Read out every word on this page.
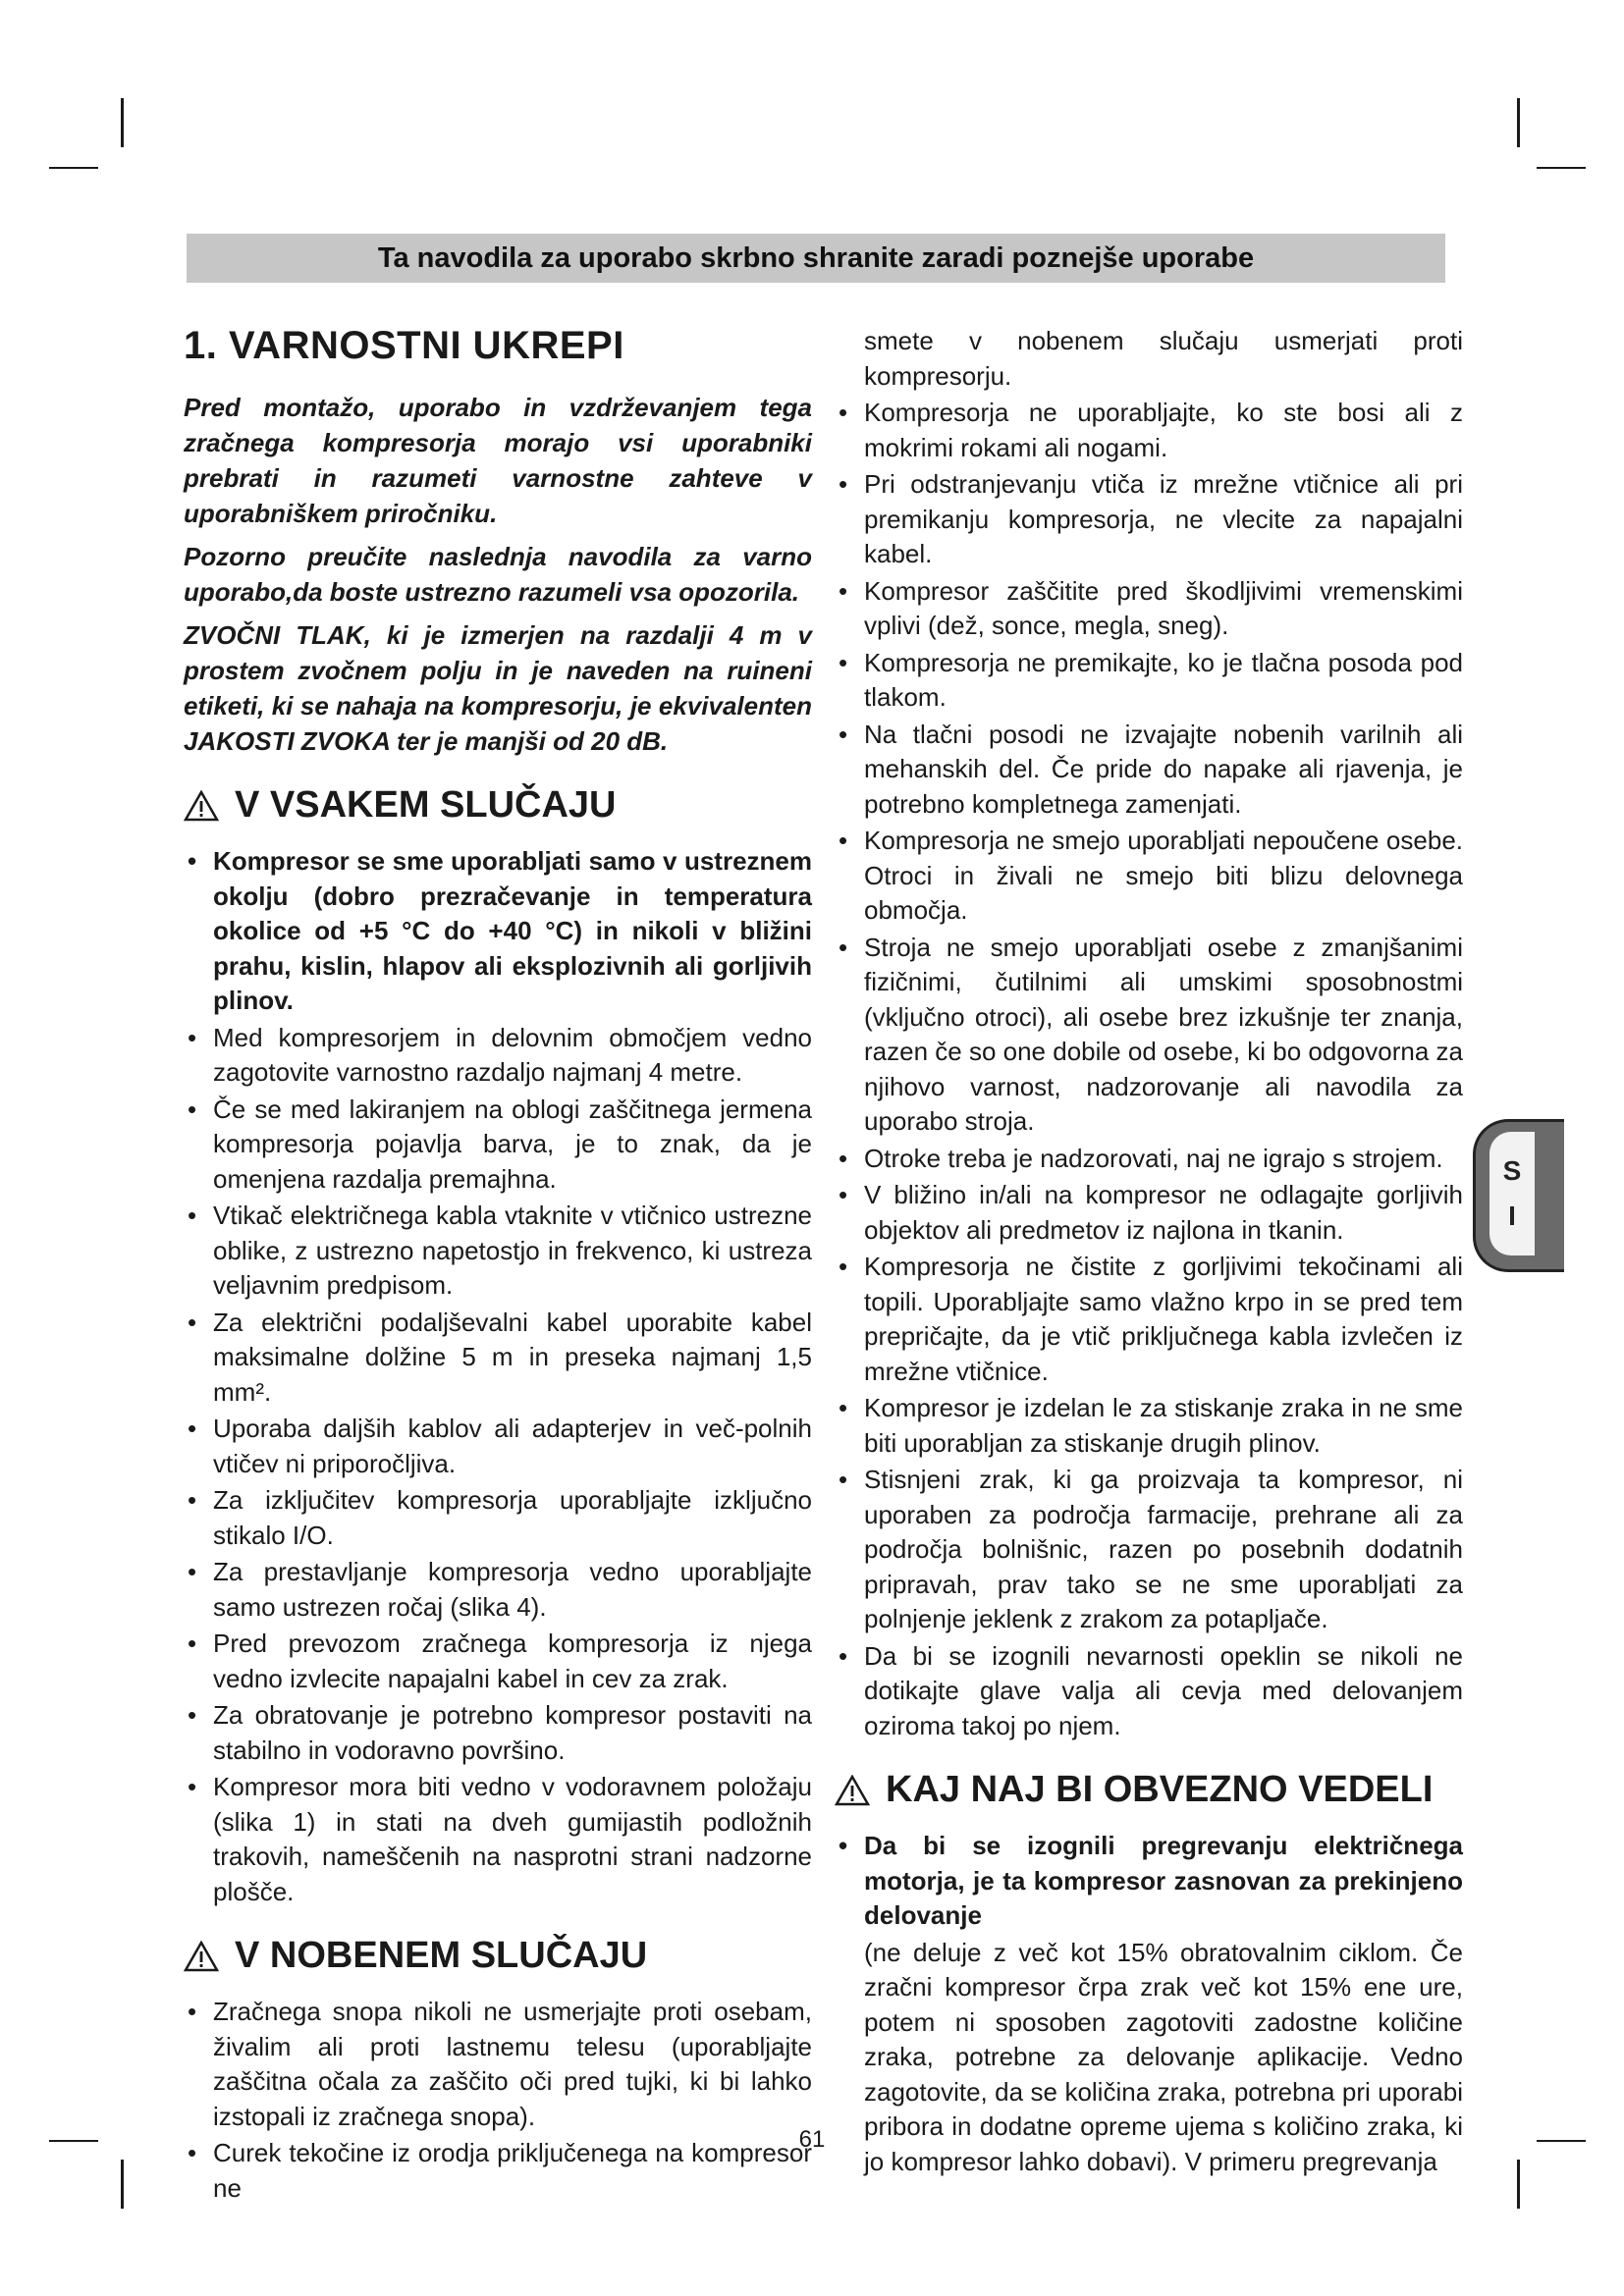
Ta navodila za uporabo skrbno shranite zaradi poznejše uporabe
1. VARNOSTNI UKREPI

Pred montažo, uporabo in vzdrževanjem tega zračnega kompresorja morajo vsi uporabniki prebrati in razumeti varnostne zahteve v uporabniškem priročniku.

Pozorno preučite naslednja navodila za varno uporabo,da boste ustrezno razumeli vsa opozorila.

ZVOČNI TLAK, ki je izmerjen na razdalji 4 m v prostem zvočnem polju in je naveden na ruineni etiketi, ki se nahaja na kompresorju, je ekvivalenten JAKOSTI ZVOKA ter je manjši od 20 dB.

V VSAKEM SLUČAJU
• Kompresor se sme uporabljati samo v ustreznem okolju (dobro prezračevanje in temperatura okolice od +5 °C do +40 °C) in nikoli v bližini prahu, kislin, hlapov ali eksplozivnih ali gorljivih plinov.
• Med kompresorjem in delovnim območjem vedno zagotovite varnostno razdaljo najmanj 4 metre.
• Če se med lakiranjem na oblogi zaščitnega jermena kompresorja pojavlja barva, je to znak, da je omenjena razdalja premajhna.
• Vtikač električnega kabla vtaknite v vtičnico ustrezne oblike, z ustrezno napetostjo in frekvenco, ki ustreza veljavnim predpisom.
• Za električni podaljševalni kabel uporabite kabel maksimalne dolžine 5 m in preseka najmanj 1,5 mm².
• Uporaba daljših kablov ali adapterjev in več-polnih vtičev ni priporočljiva.
• Za izključitev kompresorja uporabljajte izključno stikalo I/O.
• Za prestavljanje kompresorja vedno uporabljajte samo ustrezen ročaj (slika 4).
• Pred prevozom zračnega kompresorja iz njega vedno izvlecite napajalni kabel in cev za zrak.
• Za obratovanje je potrebno kompresor postaviti na stabilno in vodoravno površino.
• Kompresor mora biti vedno v vodoravnem položaju (slika 1) in stati na dveh gumijastih podložnih trakovih, nameščenih na nasprotni strani nadzorne plošče.
V NOBENEM SLUČAJU
• Zračnega snopa nikoli ne usmerjajte proti osebam, živalim ali proti lastnemu telesu (uporabljajte zaščitna očala za zaščito oči pred tujki, ki bi lahko izstopali iz zračnega snopa).
• Curek tekočine iz orodja priključenega na kompresor ne
smete v nobenem slučaju usmerjati proti kompresorju.
• Kompresorja ne uporabljajte, ko ste bosi ali z mokrimi rokami ali nogami.
• Pri odstranjevanju vtiča iz mrežne vtičnice ali pri premikanju kompresorja, ne vlecite za napajalni kabel.
• Kompresor zaščitite pred škodljivimi vremenskimi vplivi (dež, sonce, megla, sneg).
• Kompresorja ne premikajte, ko je tlačna posoda pod tlakom.
• Na tlačni posodi ne izvajajte nobenih varilnih ali mehanskih del. Če pride do napake ali rjavenja, je potrebno kompletnega zamenjati.
• Kompresorja ne smejo uporabljati nepoučene osebe. Otroci in živali ne smejo biti blizu delovnega območja.
• Stroja ne smejo uporabljati osebe z zmanjšanimi fizičnimi, čutilnimi ali umskimi sposobnostmi (vključno otroci), ali osebe brez izkušnje ter znanja, razen če so one dobile od osebe, ki bo odgovorna za njihovo varnost, nadzorovanje ali navodila za uporabo stroja.
• Otroke treba je nadzorovati, naj ne igrajo s strojem.
• V bližino in/ali na kompresor ne odlagajte gorljivih objektov ali predmetov iz najlona in tkanin.
• Kompresorja ne čistite z gorljivimi tekočinami ali topili. Uporabljajte samo vlažno krpo in se pred tem prepričajte, da je vtič priključnega kabla izvlečen iz mrežne vtičnice.
• Kompresor je izdelan le za stiskanje zraka in ne sme biti uporabljan za stiskanje drugih plinov.
• Stisnjeni zrak, ki ga proizvaja ta kompresor, ni uporaben za področja farmacije, prehrane ali za področja bolnišnic, razen po posebnih dodatnih pripravah, prav tako se ne sme uporabljati za polnjenje jeklenk z zrakom za potapljače.
• Da bi se izognili nevarnosti opeklin se nikoli ne dotikajte glave valja ali cevja med delovanjem oziroma takoj po njem.
KAJ NAJ BI OBVEZNO VEDELI
• Da bi se izognili pregrevanju električnega motorja, je ta kompresor zasnovan za prekinjeno delovanje
(ne deluje z več kot 15% obratovalnim ciklom. Če zračni kompresor črpa zrak več kot 15% ene ure, potem ni sposoben zagotoviti zadostne količine zraka, potrebne za delovanje aplikacije. Vedno zagotovite, da se količina zraka, potrebna pri uporabi pribora in dodatne opreme ujema s količino zraka, ki jo kompresor lahko dobavi). V primeru pregrevanja
S
I
61
